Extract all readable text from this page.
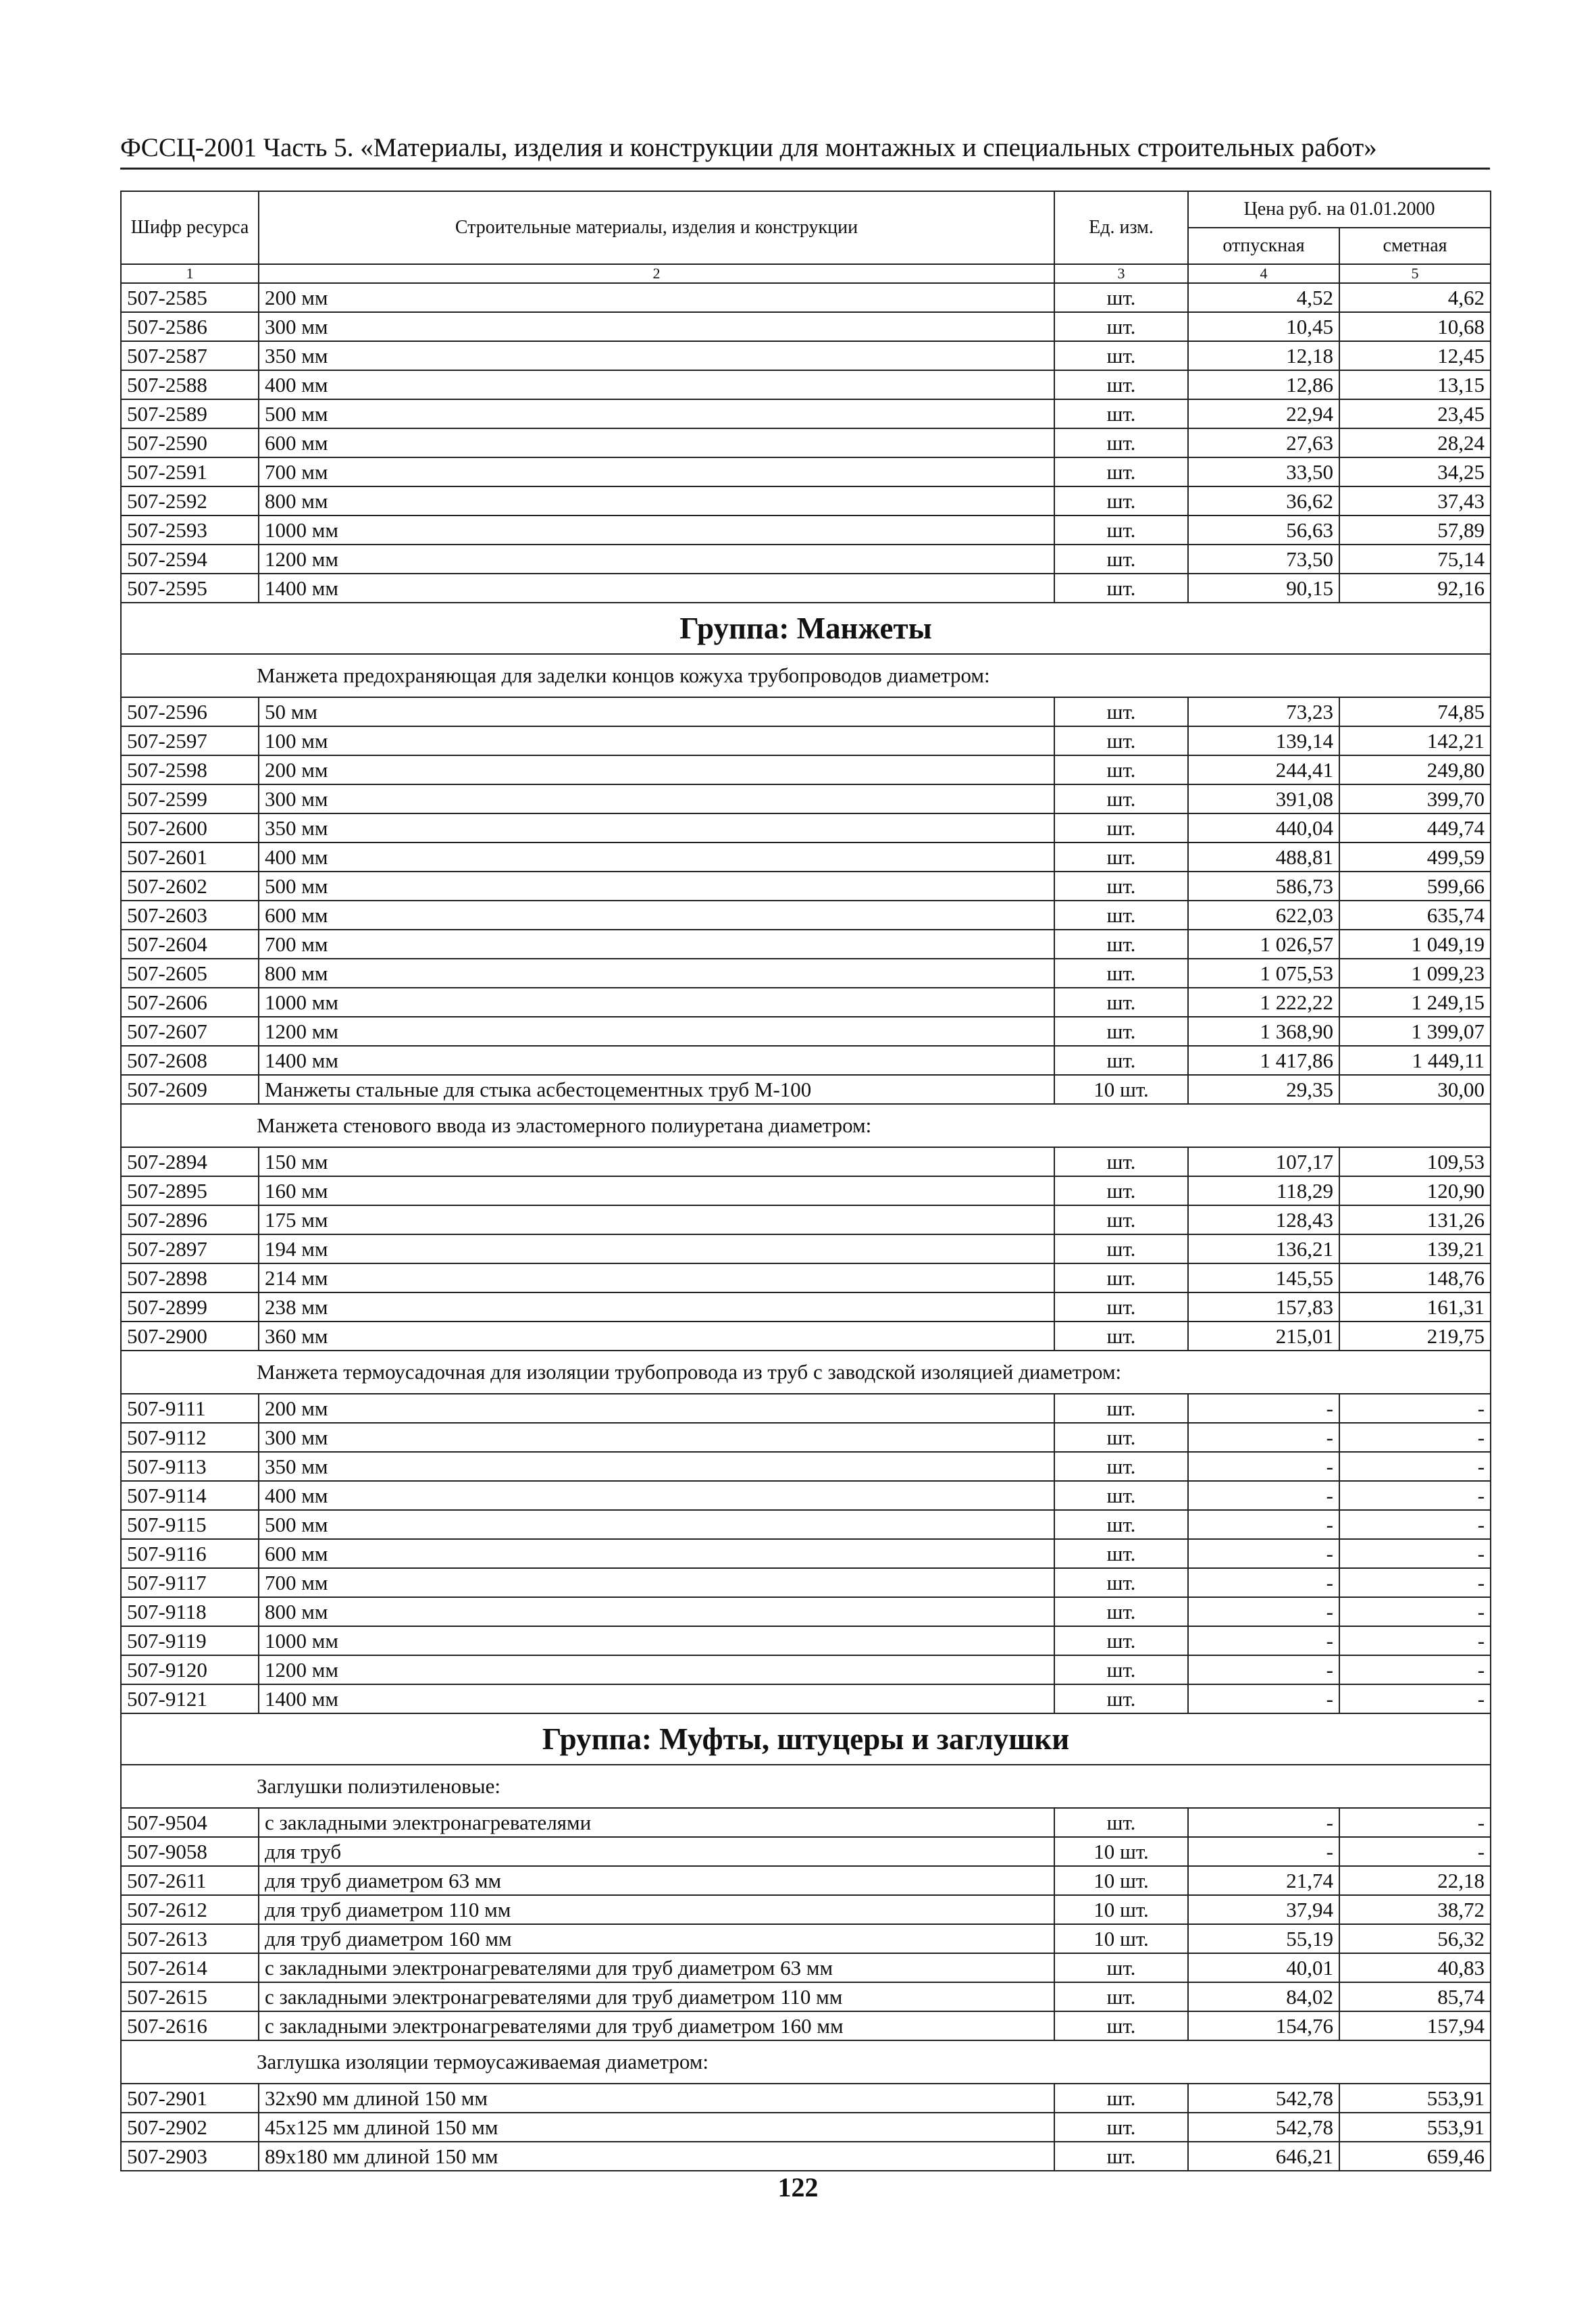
ФССЦ-2001 Часть 5. «Материалы, изделия и конструкции для монтажных и специальных строительных работ»
Шифр ресурса	Строительные материалы, изделия и конструкции	Ед. изм.	Цена руб. на 01.01.2000	
			отпускная	сметная
1	2	3	4	5
507-2585	200 мм	шт.	4,52	4,62
507-2586	300 мм	шт.	10,45	10,68
507-2587	350 мм	шт.	12,18	12,45
507-2588	400 мм	шт.	12,86	13,15
507-2589	500 мм	шт.	22,94	23,45
507-2590	600 мм	шт.	27,63	28,24
507-2591	700 мм	шт.	33,50	34,25
507-2592	800 мм	шт.	36,62	37,43
507-2593	1000 мм	шт.	56,63	57,89
507-2594	1200 мм	шт.	73,50	75,14
507-2595	1400 мм	шт.	90,15	92,16
Группа: Манжеты				
Манжета предохраняющая для заделки концов кожуха трубопроводов диаметром:				
507-2596	50 мм	шт.	73,23	74,85
507-2597	100 мм	шт.	139,14	142,21
507-2598	200 мм	шт.	244,41	249,80
507-2599	300 мм	шт.	391,08	399,70
507-2600	350 мм	шт.	440,04	449,74
507-2601	400 мм	шт.	488,81	499,59
507-2602	500 мм	шт.	586,73	599,66
507-2603	600 мм	шт.	622,03	635,74
507-2604	700 мм	шт.	1 026,57	1 049,19
507-2605	800 мм	шт.	1 075,53	1 099,23
507-2606	1000 мм	шт.	1 222,22	1 249,15
507-2607	1200 мм	шт.	1 368,90	1 399,07
507-2608	1400 мм	шт.	1 417,86	1 449,11
507-2609	Манжеты стальные для стыка асбестоцементных труб М-100	10 шт.	29,35	30,00
Манжета стенового ввода из эластомерного полиуретана диаметром:				
507-2894	150 мм	шт.	107,17	109,53
507-2895	160 мм	шт.	118,29	120,90
507-2896	175 мм	шт.	128,43	131,26
507-2897	194 мм	шт.	136,21	139,21
507-2898	214 мм	шт.	145,55	148,76
507-2899	238 мм	шт.	157,83	161,31
507-2900	360 мм	шт.	215,01	219,75
Манжета термоусадочная для изоляции трубопровода из труб с заводской изоляцией диаметром:				
507-9111	200 мм	шт.	-	-
507-9112	300 мм	шт.	-	-
507-9113	350 мм	шт.	-	-
507-9114	400 мм	шт.	-	-
507-9115	500 мм	шт.	-	-
507-9116	600 мм	шт.	-	-
507-9117	700 мм	шт.	-	-
507-9118	800 мм	шт.	-	-
507-9119	1000 мм	шт.	-	-
507-9120	1200 мм	шт.	-	-
507-9121	1400 мм	шт.	-	-
Группа: Муфты, штуцеры и заглушки				
Заглушки полиэтиленовые:				
507-9504	с закладными электронагревателями	шт.	-	-
507-9058	для труб	10 шт.	-	-
507-2611	для труб диаметром 63 мм	10 шт.	21,74	22,18
507-2612	для труб диаметром 110 мм	10 шт.	37,94	38,72
507-2613	для труб диаметром 160 мм	10 шт.	55,19	56,32
507-2614	с закладными электронагревателями для труб диаметром 63 мм	шт.	40,01	40,83
507-2615	с закладными электронагревателями для труб диаметром 110 мм	шт.	84,02	85,74
507-2616	с закладными электронагревателями для труб диаметром 160 мм	шт.	154,76	157,94
Заглушка изоляции термоусаживаемая диаметром:				
507-2901	32x90 мм длиной 150 мм	шт.	542,78	553,91
507-2902	45x125 мм длиной 150 мм	шт.	542,78	553,91
507-2903	89x180 мм длиной 150 мм	шт.	646,21	659,46
122
